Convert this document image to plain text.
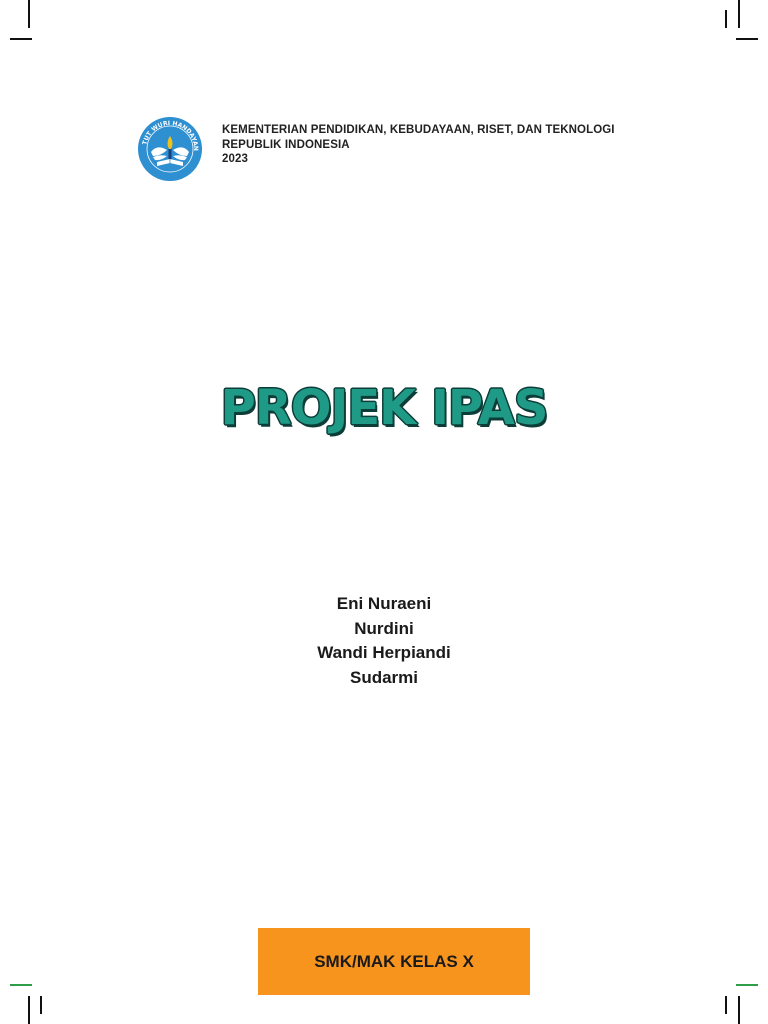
TUT WURI HANDAYAN
KEMENTERIAN PENDIDIKAN, KEBUDAYAAN, RISET, DAN TEKNOLOGI
REPUBLIK INDONESIA
2023
PROJEK IPAS
Eni Nuraeni
Nurdini
Wandi Herpiandi
Sudarmi
SMK/MAK KELAS X
